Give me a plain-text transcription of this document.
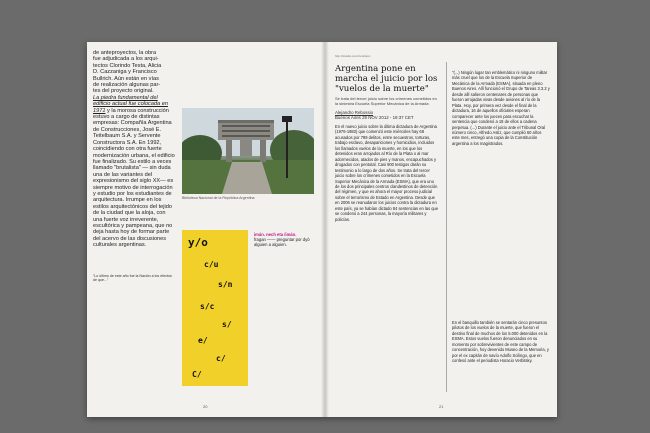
de anteproyectos, la obra
fue adjudicada a los arqui-
tectos Clorindo Testa, Alicia
D. Cazzaniga y Francisco
Bullrich. Aún están en vías
de realización algunas par-
tes del proyecto original.
La piedra fundamental del edificio actual fue colocada en 1971 y la morosa construcción estuvo a cargo de distintas empresas: Compañía Argentina de Construcciones, José E. Teitelbaum S.A. y Servente Constructora S.A. En 1992, coincidiendo con otra fuerte modernización urbana, el edificio fue finalizado. Su estilo a veces llamado "brutalista" — sin duda una de las variantes del expresionismo del siglo XX— es siempre motivo de interrogación y estudio por los estudiantes de arquitectura. Irrumpe en los estilos arquitectónicos del tejido de la ciudad que la aloja, con una fuerte voz irreverente, escultórica y pampeana, que no deja hasta hoy de formar parte del acervo de las discusiones culturales argentinas.
"Lo último de este año fue la Nación a los efectos de que..."
Biblioteca Nacional de la República Argentina
y/o
c/u
s/n
s/c
s/
e/
c/
C/
imán. nech eta /imán.
fragan —— preguntar por dyó
alguien a alguien.
20
http://wradio.com/noticias/...
Argentina pone en marcha el juicio por los "vuelos de la muerte"
Se trata del tercer juicio sobre los crímenes cometidos en la siniestra Escuela Superior Mecánica de la Armada
Alejandro Rebossio
Buenos Aires 29 NOV 2012 - 19:37 CET
En el nuevo juicio sobre la última dictadura de Argentina (1976-1983) que comenzó este miércoles hay 68 acusados por 789 delitos, entre secuestros, torturas, trabajo esclavo, desapariciones y homicidios, incluidos los llamados vuelos de la muerte, en los que los detenidos eran arrojados al Río de la Plata o al mar adormecidos, atados de pies y manos, encapuchados y drogados con pentotal. Casi 900 testigos darán su testimonio a lo largo de dos años. Se trata del tercer juicio sobre los crímenes cometidos en la Escuela Superior Mecánica de la Armada (ESMA), que era uno de los dos principales centros clandestinos de detención del régimen, y que es ahora el mayor proceso judicial sobre el terrorismo de Estado en Argentina. Desde que en 2006 se reanudaron los juicios contra la dictadura en este país, ya se habían dictado 84 sentencias en las que se condenó a 244 personas, la mayoría militares y policías.
"(...) Ningún lugar tan emblemático ni ninguno militar más cruel que los de la Escuela Superior de Mecánica de la Armada (ESMA), situada en pleno Buenos Aires. Allí funcionó el Grupo de Tareas 3.3.2 y desde allí salieron centenares de personas que fueron arrojadas vivas desde aviones al río de la Plata. Hoy, por primera vez desde el final de la dictadura, 16 de aquellos oficiales esperan comparecer ante los jueces para escuchar la sentencia que condenó a 18 de ellos a cadena perpetua. (...) Durante el juicio ante el Tribunal Oral número cinco, Alfredo Astiz, que cumplió 60 años este mes, entregó una copia de la Constitución argentina a los magistrados.
En el banquillo también se sentarán cinco presuntos pilotos de los vuelos de la muerte, que fueron el destino final de muchos de los 5.000 detenidos en la ESMA. Estos vuelos fueron denunciados en su momento por sobrevivientes de este campo de concentración, hoy devenido Museo de la Memoria, y por el ex capitán de navío Adolfo Scilingo, que en confesó ante el periodista Horacio Verbitsky.
21
